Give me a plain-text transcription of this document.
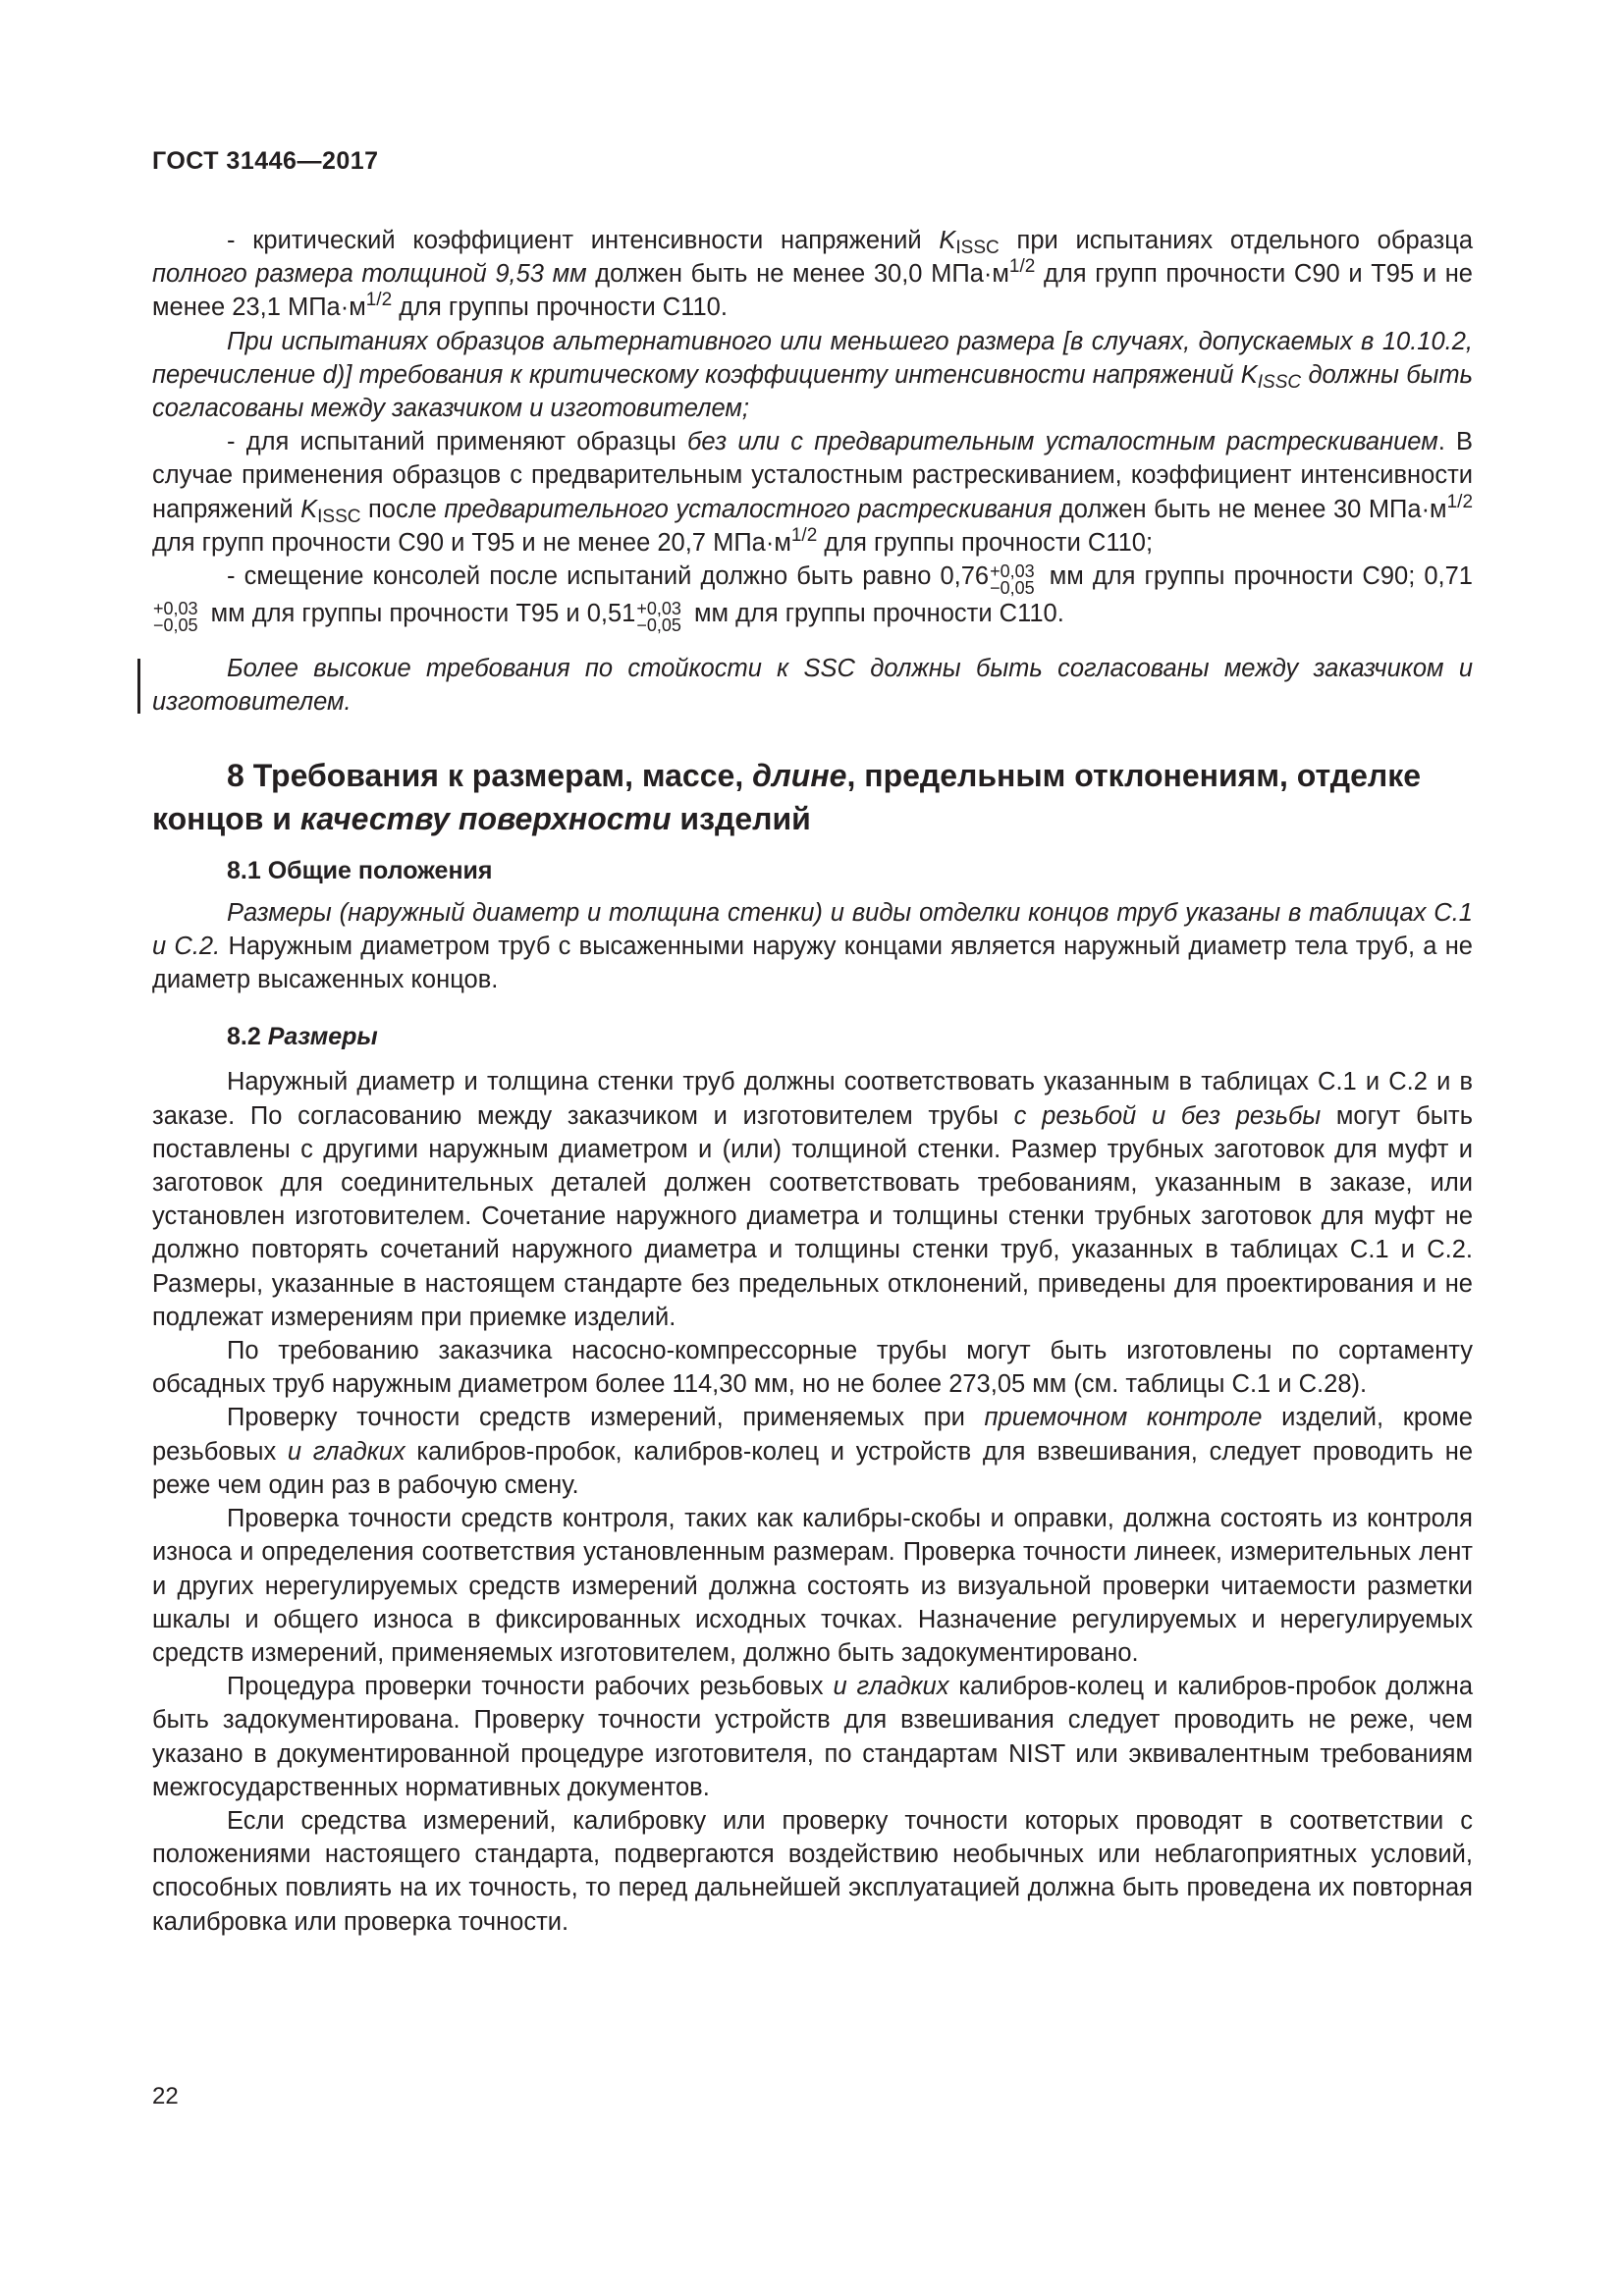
ГОСТ 31446—2017

- критический коэффициент интенсивности напряжений $K_{ISSC}$ при испытаниях отдельного образца полного размера толщиной 9,53 мм должен быть не менее 30,0 $МПа\cdot м^{1/2}$ для групп прочности С90 и Т95 и не менее 23,1 $МПа\cdot м^{1/2}$ для группы прочности С110.

При испытаниях образцов альтернативного или меньшего размера [в случаях, допускаемых в 10.10.2, перечисление d)] требования к критическому коэффициенту интенсивности напряжений $K_{ISSC}$ должны быть согласованы между заказчиком и изготовителем;

- для испытаний применяют образцы без или с предварительным усталостным растрескиванием. В случае применения образцов с предварительным усталостным растрескиванием, коэффициент интенсивности напряжений $K_{ISSC}$ после предварительного усталостного растрескивания должен быть не менее 30 $МПа\cdot м^{1/2}$ для групп прочности С90 и Т95 и не менее 20,7 $МПа\cdot м^{1/2}$ для группы прочности С110;

- смещение консолей после испытаний должно быть равно 0,76 +0,03
−0,05 мм для группы прочности С90; 0,71
+0,03
−0,05 мм для группы прочности Т95 и 0,51 +0,03
−0,05 мм для группы прочности С110.

Более высокие требования по стойкости к SSC должны быть согласованы между заказчиком и изготовителем.

8 Требования к размерам, массе, длине, предельным отклонениям, отделке концов и качеству поверхности изделий
8.1 Общие положения

Размеры (наружный диаметр и толщина стенки) и виды отделки концов труб указаны в таблицах С.1 и С.2. Наружным диаметром труб с высаженными наружу концами является наружный диаметр тела труб, а не диаметр высаженных концов.

8.2 Размеры

Наружный диаметр и толщина стенки труб должны соответствовать указанным в таблицах С.1 и С.2 и в заказе. По согласованию между заказчиком и изготовителем трубы с резьбой и без резьбы могут быть поставлены с другими наружным диаметром и (или) толщиной стенки. Размер трубных заготовок для муфт и заготовок для соединительных деталей должен соответствовать требованиям, указанным в заказе, или установлен изготовителем. Сочетание наружного диаметра и толщины стенки трубных заготовок для муфт не должно повторять сочетаний наружного диаметра и толщины стенки труб, указанных в таблицах С.1 и С.2. Размеры, указанные в настоящем стандарте без предельных отклонений, приведены для проектирования и не подлежат измерениям при приемке изделий.

По требованию заказчика насосно-компрессорные трубы могут быть изготовлены по сортаменту обсадных труб наружным диаметром более 114,30 мм, но не более 273,05 мм (см. таблицы С.1 и С.28).

Проверку точности средств измерений, применяемых при приемочном контроле изделий, кроме резьбовых и гладких калибров-пробок, калибров-колец и устройств для взвешивания, следует проводить не реже чем один раз в рабочую смену.

Проверка точности средств контроля, таких как калибры-скобы и оправки, должна состоять из контроля износа и определения соответствия установленным размерам. Проверка точности линеек, измерительных лент и других нерегулируемых средств измерений должна состоять из визуальной проверки читаемости разметки шкалы и общего износа в фиксированных исходных точках. Назначение регулируемых и нерегулируемых средств измерений, применяемых изготовителем, должно быть задокументировано.

Процедура проверки точности рабочих резьбовых и гладких калибров-колец и калибров-пробок должна быть задокументирована. Проверку точности устройств для взвешивания следует проводить не реже, чем указано в документированной процедуре изготовителя, по стандартам NIST или эквивалентным требованиям межгосударственных нормативных документов.

Если средства измерений, калибровку или проверку точности которых проводят в соответствии с положениями настоящего стандарта, подвергаются воздействию необычных или неблагоприятных условий, способных повлиять на их точность, то перед дальнейшей эксплуатацией должна быть проведена их повторная калибровка или проверка точности.

22
